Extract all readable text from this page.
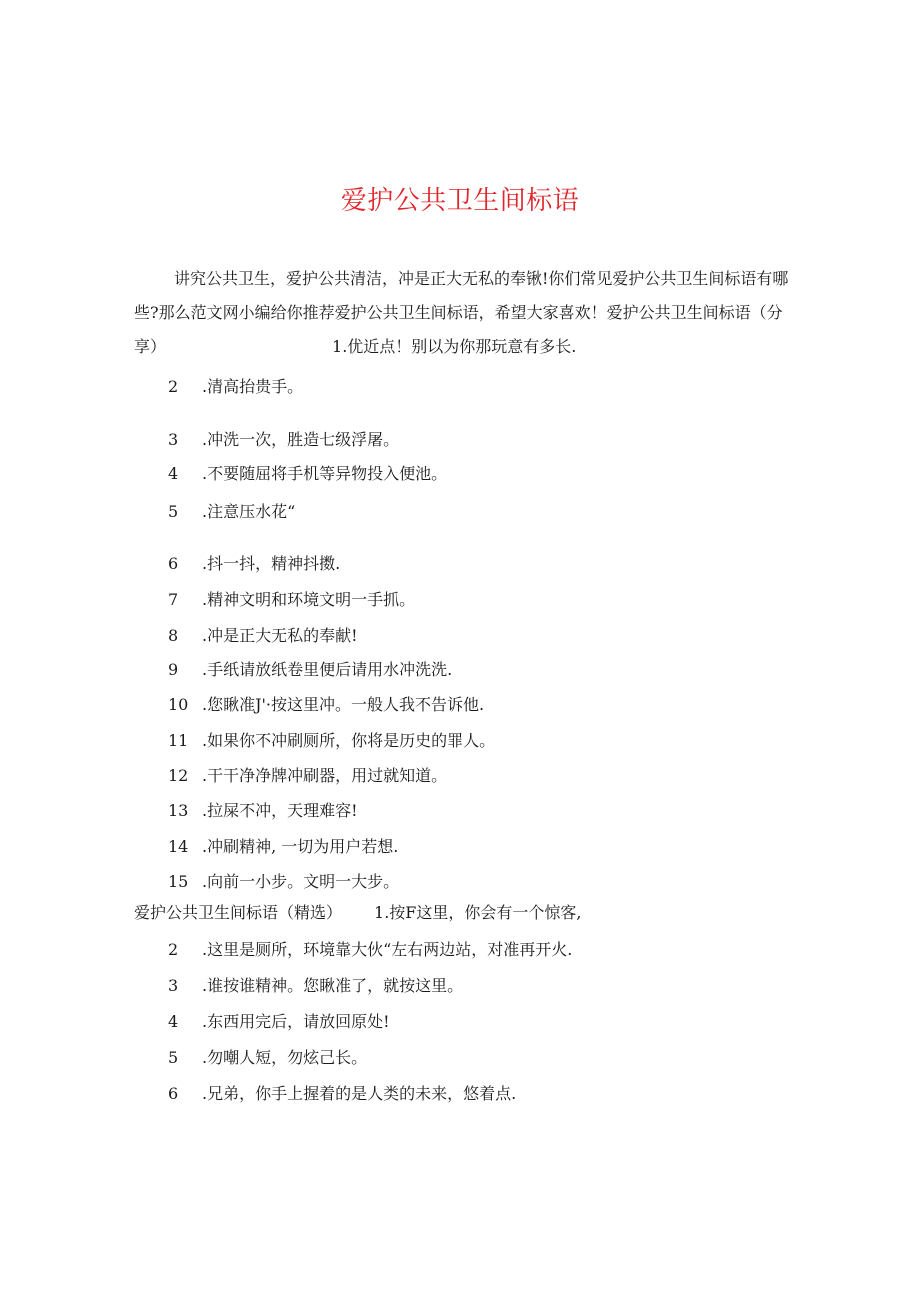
爱护公共卫生间标语
讲究公共卫生，爱护公共清洁，冲是正大无私的奉锹!你们常见爱护公共卫生间标语有哪些?那么范文网小编给你推荐爱护公共卫生间标语，希望大家喜欢！爱护公共卫生间标语（分享）	1.优近点！别以为你那玩意有多长.
2 .清高抬贵手。
3 .冲洗一次，胜造七级浮屠。
4 .不要随屈将手机等异物投入便池。
5 .注意压水花“
6 .抖一抖，精神抖擞.
7 .精神文明和环境文明一手抓。
8 .冲是正大无私的奉献!
9 .手纸请放纸卷里便后请用水冲洗洗.
10 .您瞅准J'·按这里冲。一般人我不告诉他.
11 .如果你不冲刷厕所，你将是历史的罪人。
12 .干干净净牌冲刷器，用过就知道。
13 .拉屎不冲，天理难容!
14 .冲刷精神, 一切为用户若想.
15 .向前一小步。文明一大步。
爱护公共卫生间标语（精选） 1.按F这里，你会有一个惊客,
2 .这里是厕所，环境靠大伙“左右两边站，对准再开火.
3 .谁按谁精神。您瞅准了，就按这里。
4 .东西用完后，请放回原处!
5 .勿嘲人短，勿炫己长。
6 .兄弟，你手上握着的是人类的未来，悠着点.
